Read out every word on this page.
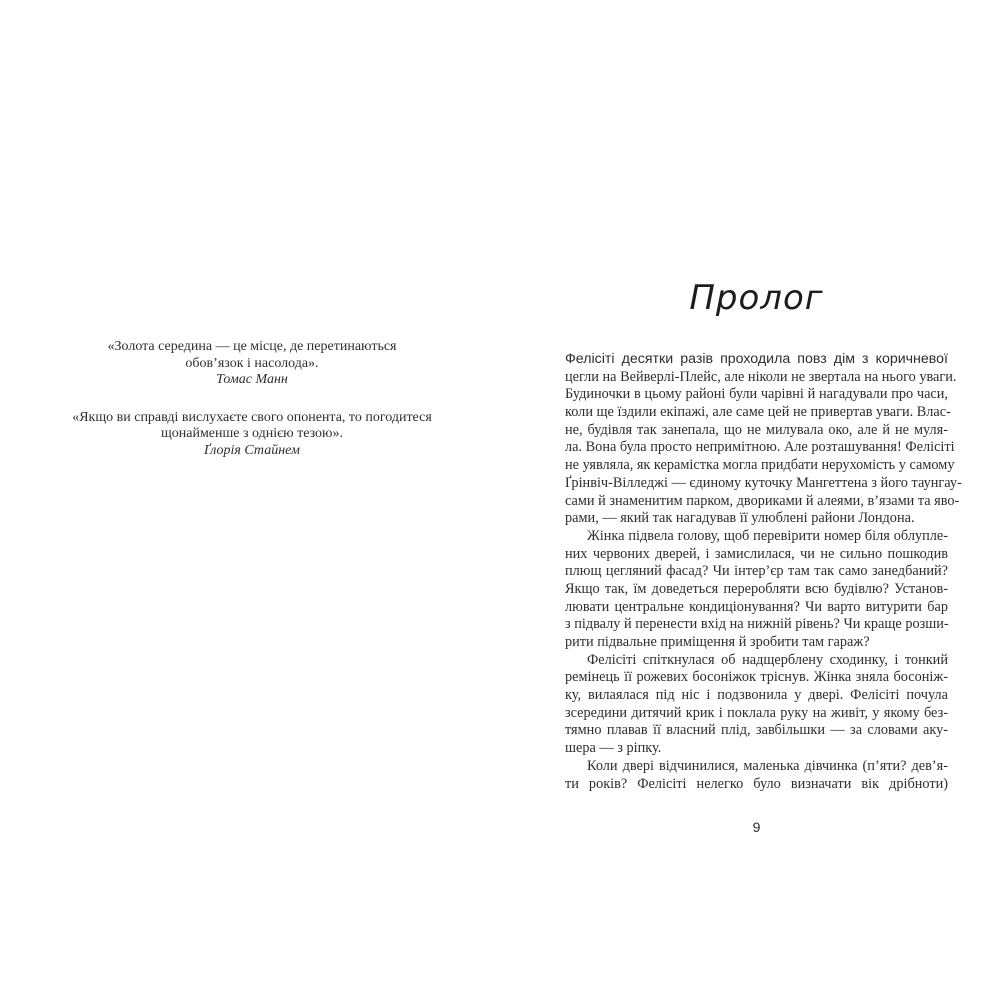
«Золота середина — це місце, де перетинаються
обов’язок і насолода».
Томас Манн
«Якщо ви справді вислухаєте свого опонента, то погодитеся
щонайменше з однією тезою».
Ґлорія Стайнем
Пролог
Фелісіті десятки разів проходила повз дім з коричневої
цегли на Вейверлі-Плейс, але ніколи не звертала на нього уваги.
Будиночки в цьому районі були чарівні й нагадували про часи,
коли ще їздили екіпажі, але саме цей не привертав уваги. Влас-
не, будівля так занепала, що не милувала око, але й не муля-
ла. Вона була просто непримітною. Але розташування! Фелісіті
не уявляла, як керамістка могла придбати нерухомість у самому
Ґрінвіч-Вілледжі — єдиному куточку Мангеттена з його таунгау-
сами й знаменитим парком, двориками й алеями, в’язами та яво-
рами, — який так нагадував її улюблені райони Лондона.
Жінка підвела голову, щоб перевірити номер біля облупле-
них червоних дверей, і замислилася, чи не сильно пошкодив
плющ цегляний фасад? Чи інтер’єр там так само занедбаний?
Якщо так, їм доведеться переробляти всю будівлю? Установ-
лювати центральне кондиціонування? Чи варто витурити бар
з підвалу й перенести вхід на нижній рівень? Чи краще розши-
рити підвальне приміщення й зробити там гараж?
Фелісіті спіткнулася об надщерблену сходинку, і тонкий
ремінець її рожевих босоніжок тріснув. Жінка зняла босоніж-
ку, вилаялася під ніс і подзвонила у двері. Фелісіті почула
зсередини дитячий крик і поклала руку на живіт, у якому без-
тямно плавав її власний плід, завбільшки — за словами аку-
шера — з ріпку.
Коли двері відчинилися, маленька дівчинка (п’яти? дев’я-
ти років? Фелісіті нелегко було визначати вік дрібноти)
9
